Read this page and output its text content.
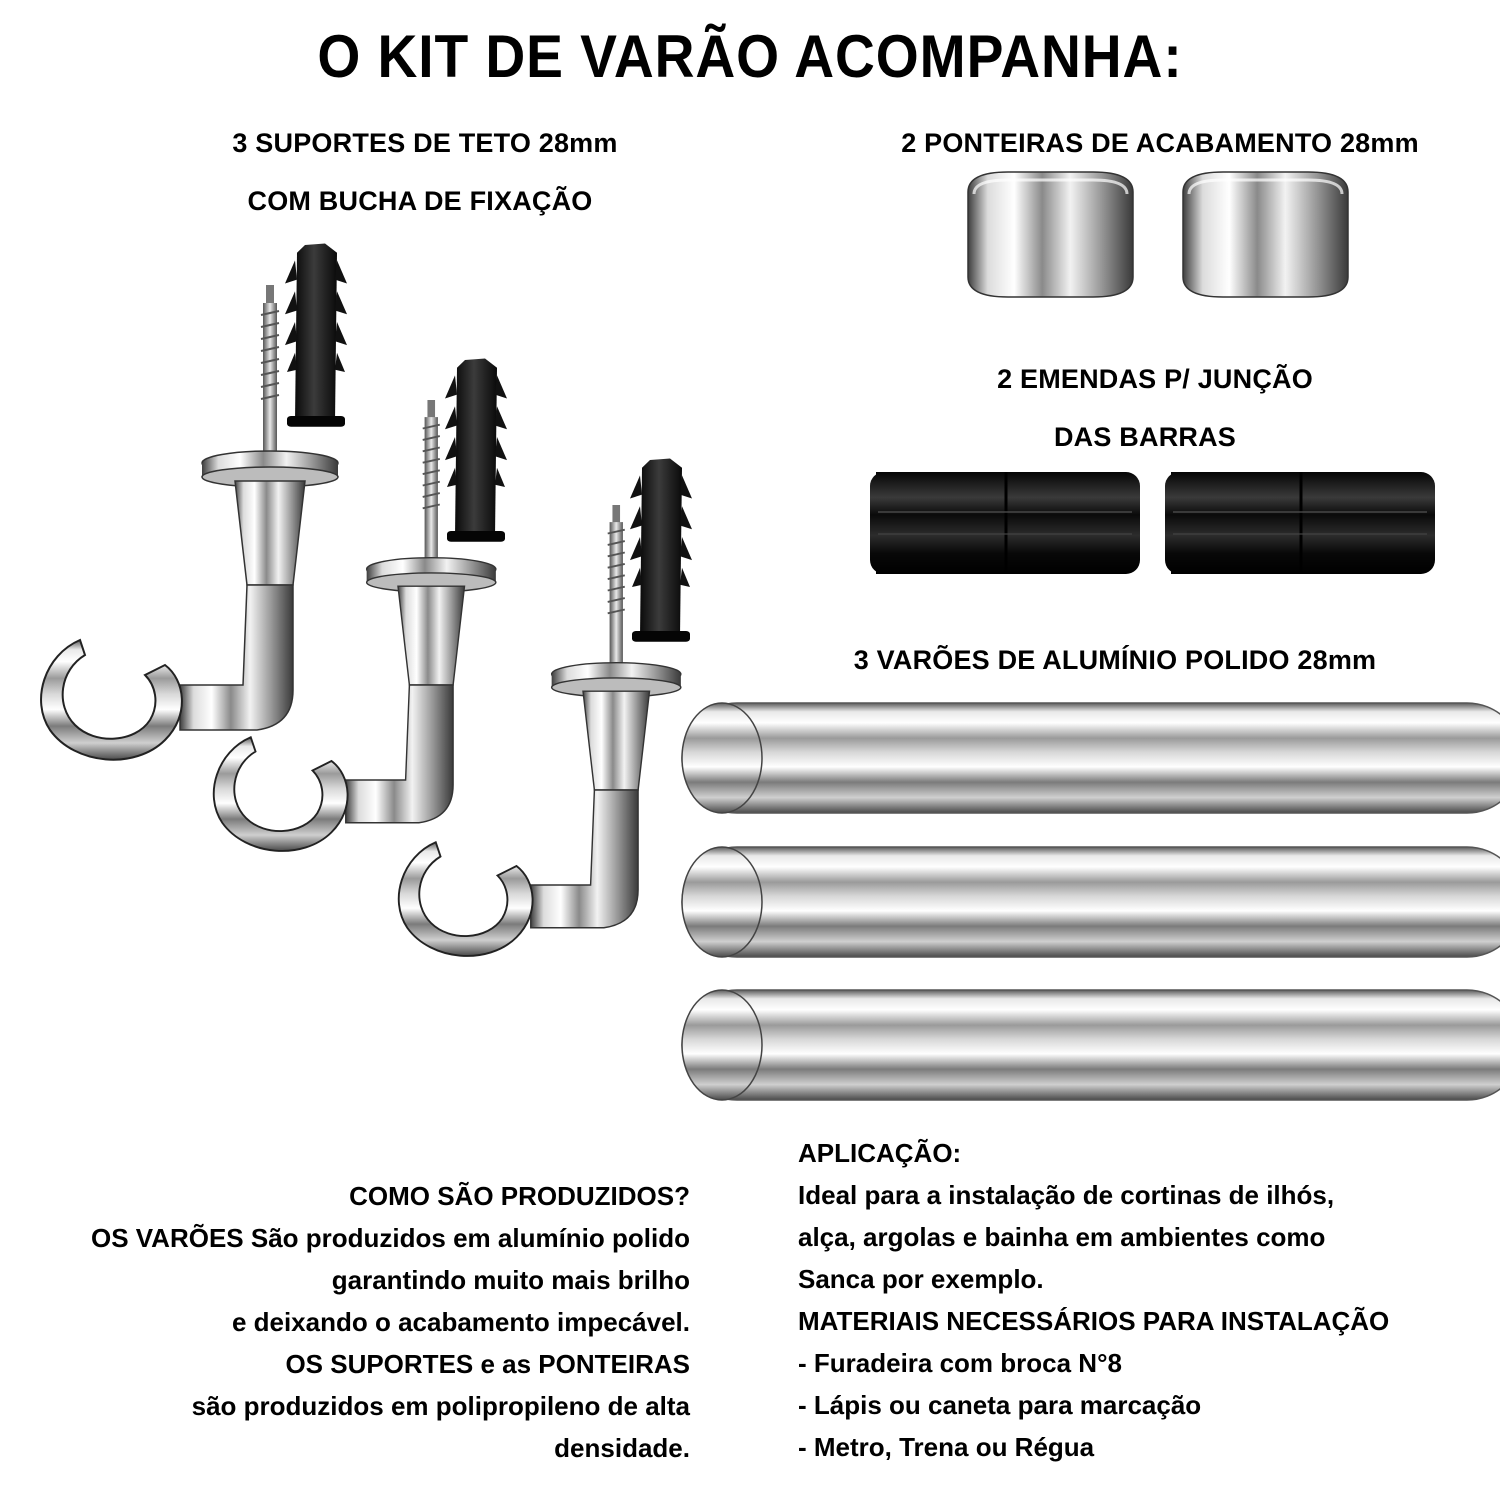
O KIT DE VARÃO ACOMPANHA:
3 SUPORTES DE TETO 28mm
COM BUCHA DE FIXAÇÃO
2 PONTEIRAS DE ACABAMENTO 28mm
2 EMENDAS P/ JUNÇÃO
DAS BARRAS
3 VARÕES DE ALUMÍNIO POLIDO 28mm
COMO SÃO PRODUZIDOS?
OS VARÕES São produzidos em alumínio polido
garantindo muito mais brilho
e deixando o acabamento impecável.
OS SUPORTES e as PONTEIRAS
são produzidos em polipropileno de alta
densidade.
APLICAÇÃO:
Ideal para a instalação de cortinas de ilhós,
alça, argolas e bainha em ambientes como
Sanca por exemplo.
MATERIAIS NECESSÁRIOS PARA INSTALAÇÃO
- Furadeira com broca N°8
- Lápis ou caneta para marcação
- Metro, Trena ou Régua
